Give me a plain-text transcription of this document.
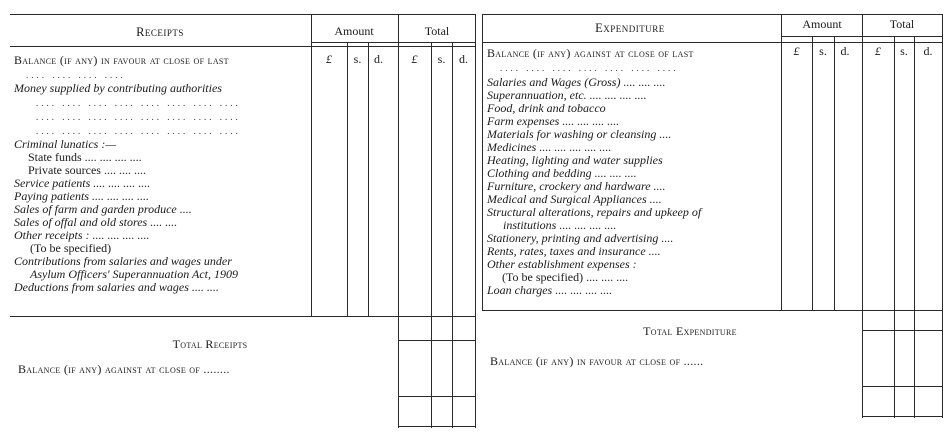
Receipts	Amount	Total
£	s.	d.	£	s.	d.
Balance (if any) in favour at close of last
.... .... .... ....
Money supplied by contributing authorities
.... .... .... .... .... .... .... ....
.... .... .... .... .... .... .... ....
.... .... .... .... .... .... .... ....
Criminal lunatics :—
State funds .... .... .... ....
Private sources .... .... ....
Service patients .... .... .... ....
Paying patients .... .... .... ....
Sales of farm and garden produce ....
Sales of offal and old stores .... ....
Other receipts : .... .... .... ....
(To be specified)
Contributions from salaries and wages under
Asylum Officers' Superannuation Act, 1909
Deductions from salaries and wages .... ....
Total Receipts
Balance (if any) against at close of ........
Expenditure	Amount	Total
£	s.	d.	£	s.	d.
Balance (if any) against at close of last
.... .... .... .... .... .... ....
Salaries and Wages (Gross) .... .... ....
Superannuation, etc. .... .... .... ....
Food, drink and tobacco
Farm expenses .... .... .... ....
Materials for washing or cleansing ....
Medicines .... .... .... .... ....
Heating, lighting and water supplies
Clothing and bedding .... .... ....
Furniture, crockery and hardware ....
Medical and Surgical Appliances ....
Structural alterations, repairs and upkeep of
institutions .... .... .... ....
Stationery, printing and advertising ....
Rents, rates, taxes and insurance ....
Other establishment expenses :
(To be specified) .... .... ....
Loan charges .... .... .... ....
Total Expenditure
Balance (if any) in favour at close of ......
